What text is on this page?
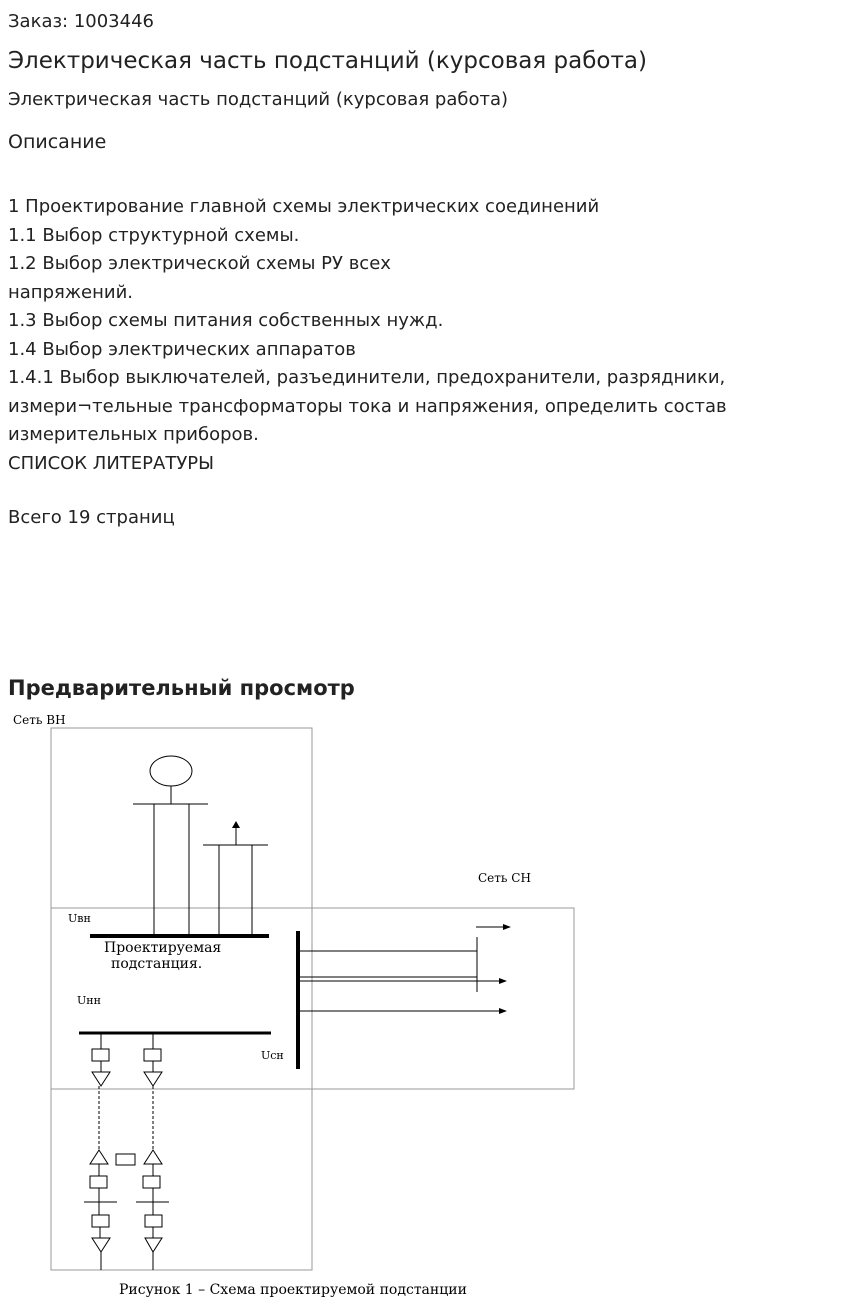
Заказ: 1003446
Электрическая часть подстанций (курсовая работа)
Электрическая часть подстанций (курсовая работа)
Описание
1 Проектирование главной схемы электрических соединений
1.1 Выбор структурной схемы.
1.2 Выбор электрической схемы РУ всех
напряжений.
1.3 Выбор схемы питания собственных нужд.
1.4 Выбор электрических аппаратов
1.4.1 Выбор выключателей, разъединители, предохранители, разрядники,
измери¬тельные трансформаторы тока и напряжения, определить состав
измерительных приборов.
СПИСОК ЛИТЕРАТУРЫ
Всего 19 страниц
Предварительный просмотр
Сеть ВН
Uвн
Проектируемая
подстанция.
Сеть СН
Uсн
Uнн
Рисунок 1 – Схема проектируемой подстанции
